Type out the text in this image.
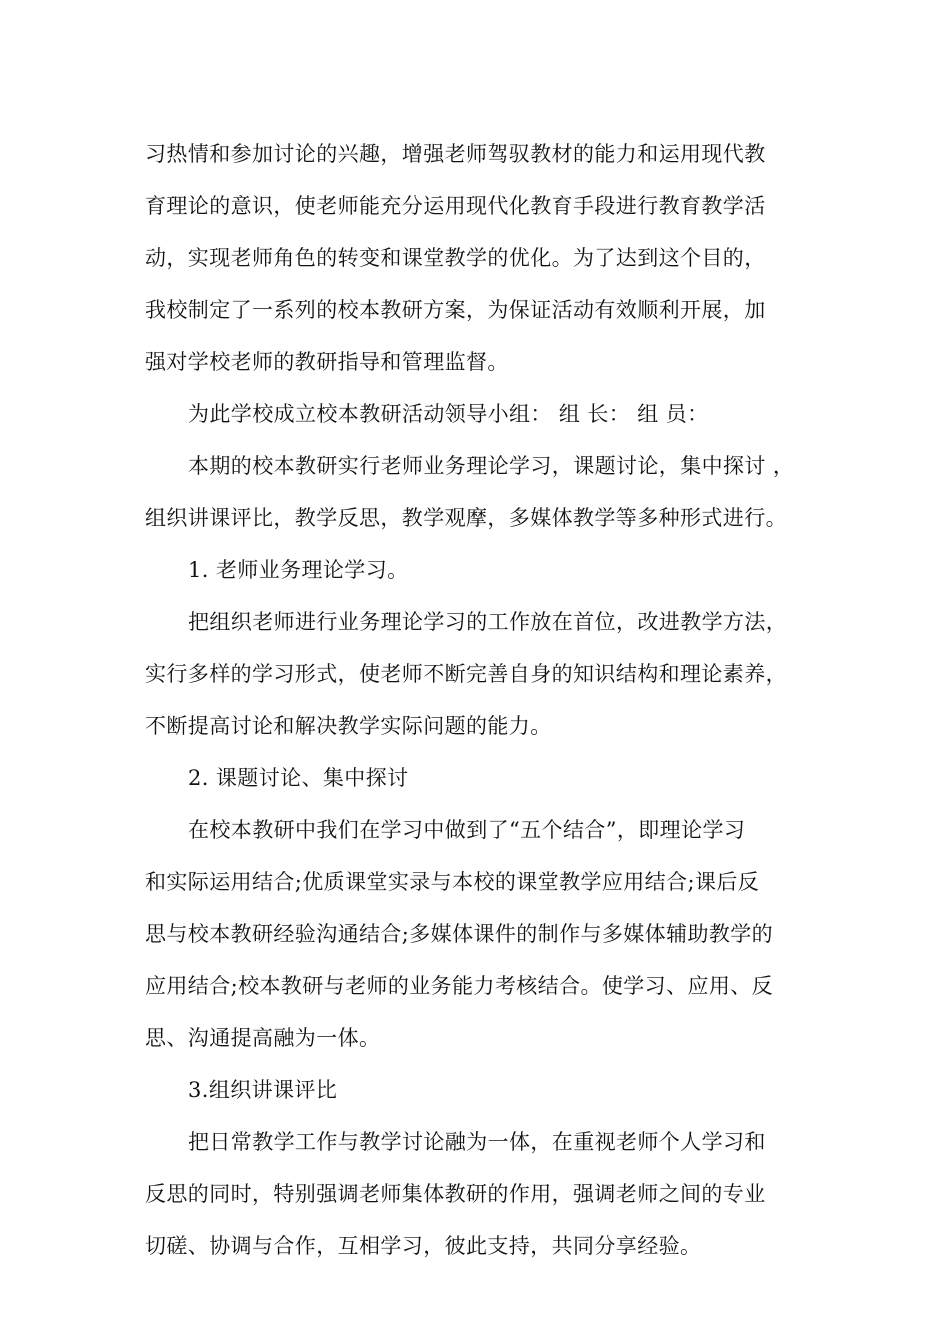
习热情和参加讨论的兴趣，增强老师驾驭教材的能力和运用现代教
育理论的意识，使老师能充分运用现代化教育手段进行教育教学活
动，实现老师角色的转变和课堂教学的优化。为了达到这个目的，
我校制定了一系列的校本教研方案，为保证活动有效顺利开展，加
强对学校老师的教研指导和管理监督。
为此学校成立校本教研活动领导小组： 组 长： 组 员：
本期的校本教研实行老师业务理论学习，课题讨论，集中探讨 ，
组织讲课评比，教学反思，教学观摩，多媒体教学等多种形式进行。
1. 老师业务理论学习。
把组织老师进行业务理论学习的工作放在首位，改进教学方法，
实行多样的学习形式，使老师不断完善自身的知识结构和理论素养，
不断提高讨论和解决教学实际问题的能力。
2. 课题讨论、集中探讨
在校本教研中我们在学习中做到了“五个结合”，即理论学习
和实际运用结合;优质课堂实录与本校的课堂教学应用结合;课后反
思与校本教研经验沟通结合;多媒体课件的制作与多媒体辅助教学的
应用结合;校本教研与老师的业务能力考核结合。使学习、应用、反
思、沟通提高融为一体。
3.组织讲课评比
把日常教学工作与教学讨论融为一体，在重视老师个人学习和
反思的同时，特别强调老师集体教研的作用，强调老师之间的专业
切磋、协调与合作，互相学习，彼此支持，共同分享经验。
